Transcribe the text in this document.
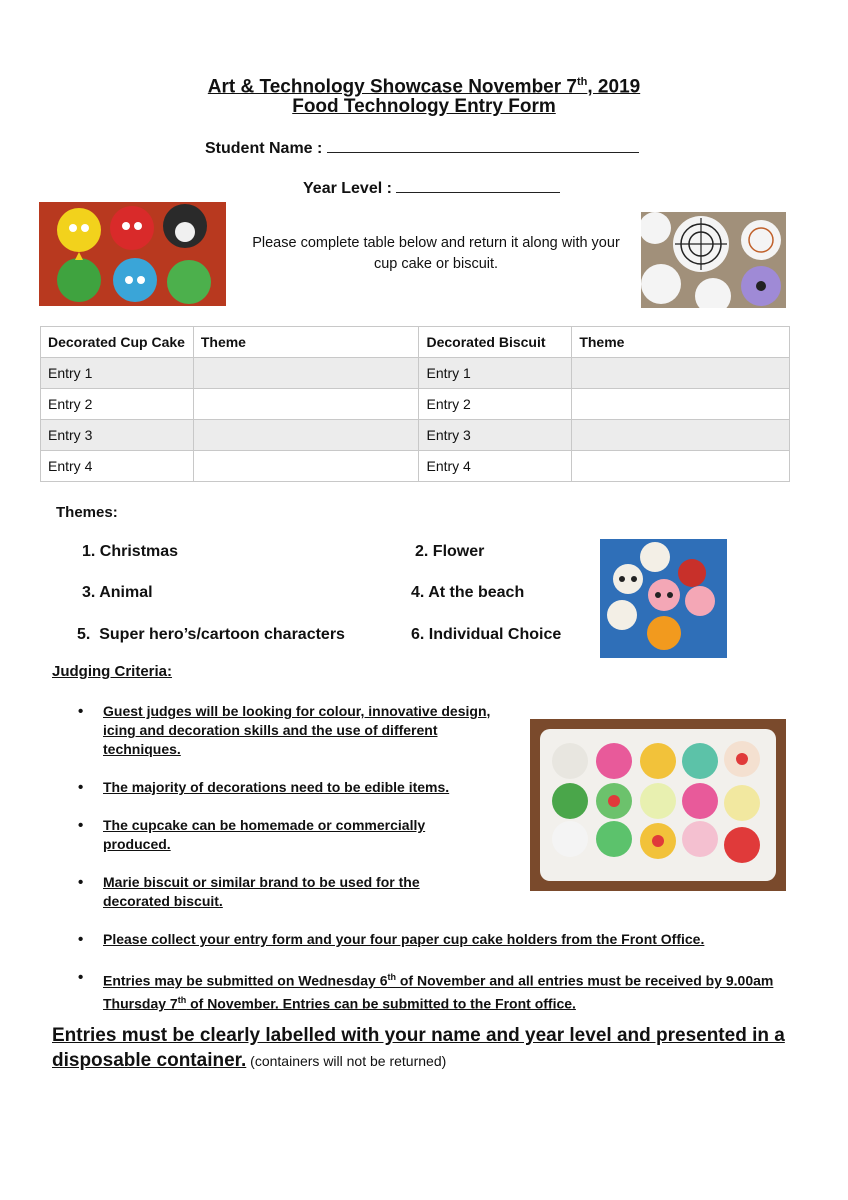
Art & Technology Showcase November 7th, 2019
Food Technology Entry Form
Student Name :
Year Level :
Please complete table below and return it along with your cup cake or biscuit.
Decorated Cup Cake	Theme	Decorated Biscuit	Theme
Entry 1		Entry 1	
Entry 2		Entry 2	
Entry 3		Entry 3	
Entry 4		Entry 4	
Themes:
1. Christmas	2. Flower
3. Animal	4. At the beach
5.  Super hero’s/cartoon characters	6. Individual Choice
Judging Criteria:
• Guest judges will be looking for colour, innovative design, icing and decoration skills and the use of different techniques.
• The majority of decorations need to be edible items.
• The cupcake can be homemade or commercially produced.
• Marie biscuit or similar brand to be used for the decorated biscuit.
• Please collect your entry form and your four paper cup cake holders from the Front Office.
• Entries may be submitted on Wednesday 6th of November and all entries must be received by 9.00am Thursday 7th of November. Entries can be submitted to the Front office.
Entries must be clearly labelled with your name and year level and presented in a disposable container. (containers will not be returned)
